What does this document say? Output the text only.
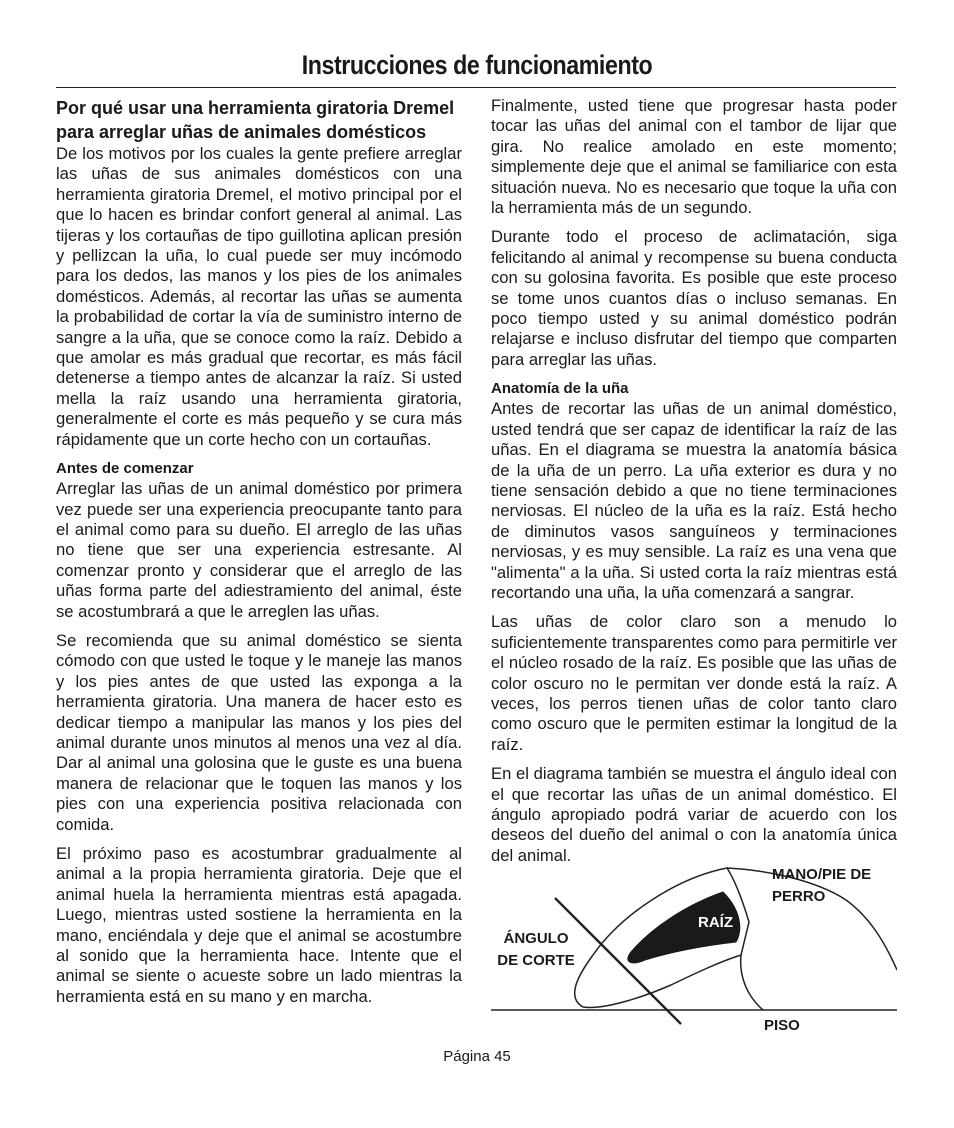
Instrucciones de funcionamiento
Por qué usar una herramienta giratoria Dremel para arreglar uñas de animales domésticos

De los motivos por los cuales la gente prefiere arreglar las uñas de sus animales domésticos con una herramienta giratoria Dremel, el motivo principal por el que lo hacen es brindar confort general al animal. Las tijeras y los cortauñas de tipo guillotina aplican presión y pellizcan la uña, lo cual puede ser muy incómodo para los dedos, las manos y los pies de los animales domésticos. Además, al recortar las uñas se aumenta la probabilidad de cortar la vía de suministro interno de sangre a la uña, que se conoce como la raíz. Debido a que amolar es más gradual que recortar, es más fácil detenerse a tiempo antes de alcanzar la raíz. Si usted mella la raíz usando una herramienta giratoria, generalmente el corte es más pequeño y se cura más rápidamente que un corte hecho con un cortauñas.

Antes de comenzar

Arreglar las uñas de un animal doméstico por primera vez puede ser una experiencia preocupante tanto para el animal como para su dueño. El arreglo de las uñas no tiene que ser una experiencia estresante. Al comenzar pronto y considerar que el arreglo de las uñas forma parte del adiestramiento del animal, éste se acostumbrará a que le arreglen las uñas.

Se recomienda que su animal doméstico se sienta cómodo con que usted le toque y le maneje las manos y los pies antes de que usted las exponga a la herramienta giratoria. Una manera de hacer esto es dedicar tiempo a manipular las manos y los pies del animal durante unos minutos al menos una vez al día. Dar al animal una golosina que le guste es una buena manera de relacionar que le toquen las manos y los pies con una experiencia positiva relacionada con comida.

El próximo paso es acostumbrar gradualmente al animal a la propia herramienta giratoria. Deje que el animal huela la herramienta mientras está apagada. Luego, mientras usted sostiene la herramienta en la mano, enciéndala y deje que el animal se acostumbre al sonido que la herramienta hace. Intente que el animal se siente o acueste sobre un lado mientras la herramienta está en su mano y en marcha.

Finalmente, usted tiene que progresar hasta poder tocar las uñas del animal con el tambor de lijar que gira. No realice amolado en este momento; simplemente deje que el animal se familiarice con esta situación nueva. No es necesario que toque la uña con la herramienta más de un segundo.

Durante todo el proceso de aclimatación, siga felicitando al animal y recompense su buena conducta con su golosina favorita. Es posible que este proceso se tome unos cuantos días o incluso semanas. En poco tiempo usted y su animal doméstico podrán relajarse e incluso disfrutar del tiempo que comparten para arreglar las uñas.

Anatomía de la uña

Antes de recortar las uñas de un animal doméstico, usted tendrá que ser capaz de identificar la raíz de las uñas. En el diagrama se muestra la anatomía básica de la uña de un perro. La uña exterior es dura y no tiene sensación debido a que no tiene terminaciones nerviosas. El núcleo de la uña es la raíz. Está hecho de diminutos vasos sanguíneos y terminaciones nerviosas, y es muy sensible. La raíz es una vena que "alimenta" a la uña. Si usted corta la raíz mientras está recortando una uña, la uña comenzará a sangrar.

Las uñas de color claro son a menudo lo suficientemente transparentes como para permitirle ver el núcleo rosado de la raíz. Es posible que las uñas de color oscuro no le permitan ver donde está la raíz. A veces, los perros tienen uñas de color tanto claro como oscuro que le permiten estimar la longitud de la raíz.

En el diagrama también se muestra el ángulo ideal con el que recortar las uñas de un animal doméstico. El ángulo apropiado podrá variar de acuerdo con los deseos del dueño del animal o con la anatomía única del animal.

MANO/PIE DE PERRO
RAÍZ
ÁNGULO DE CORTE
PISO
Página 45
